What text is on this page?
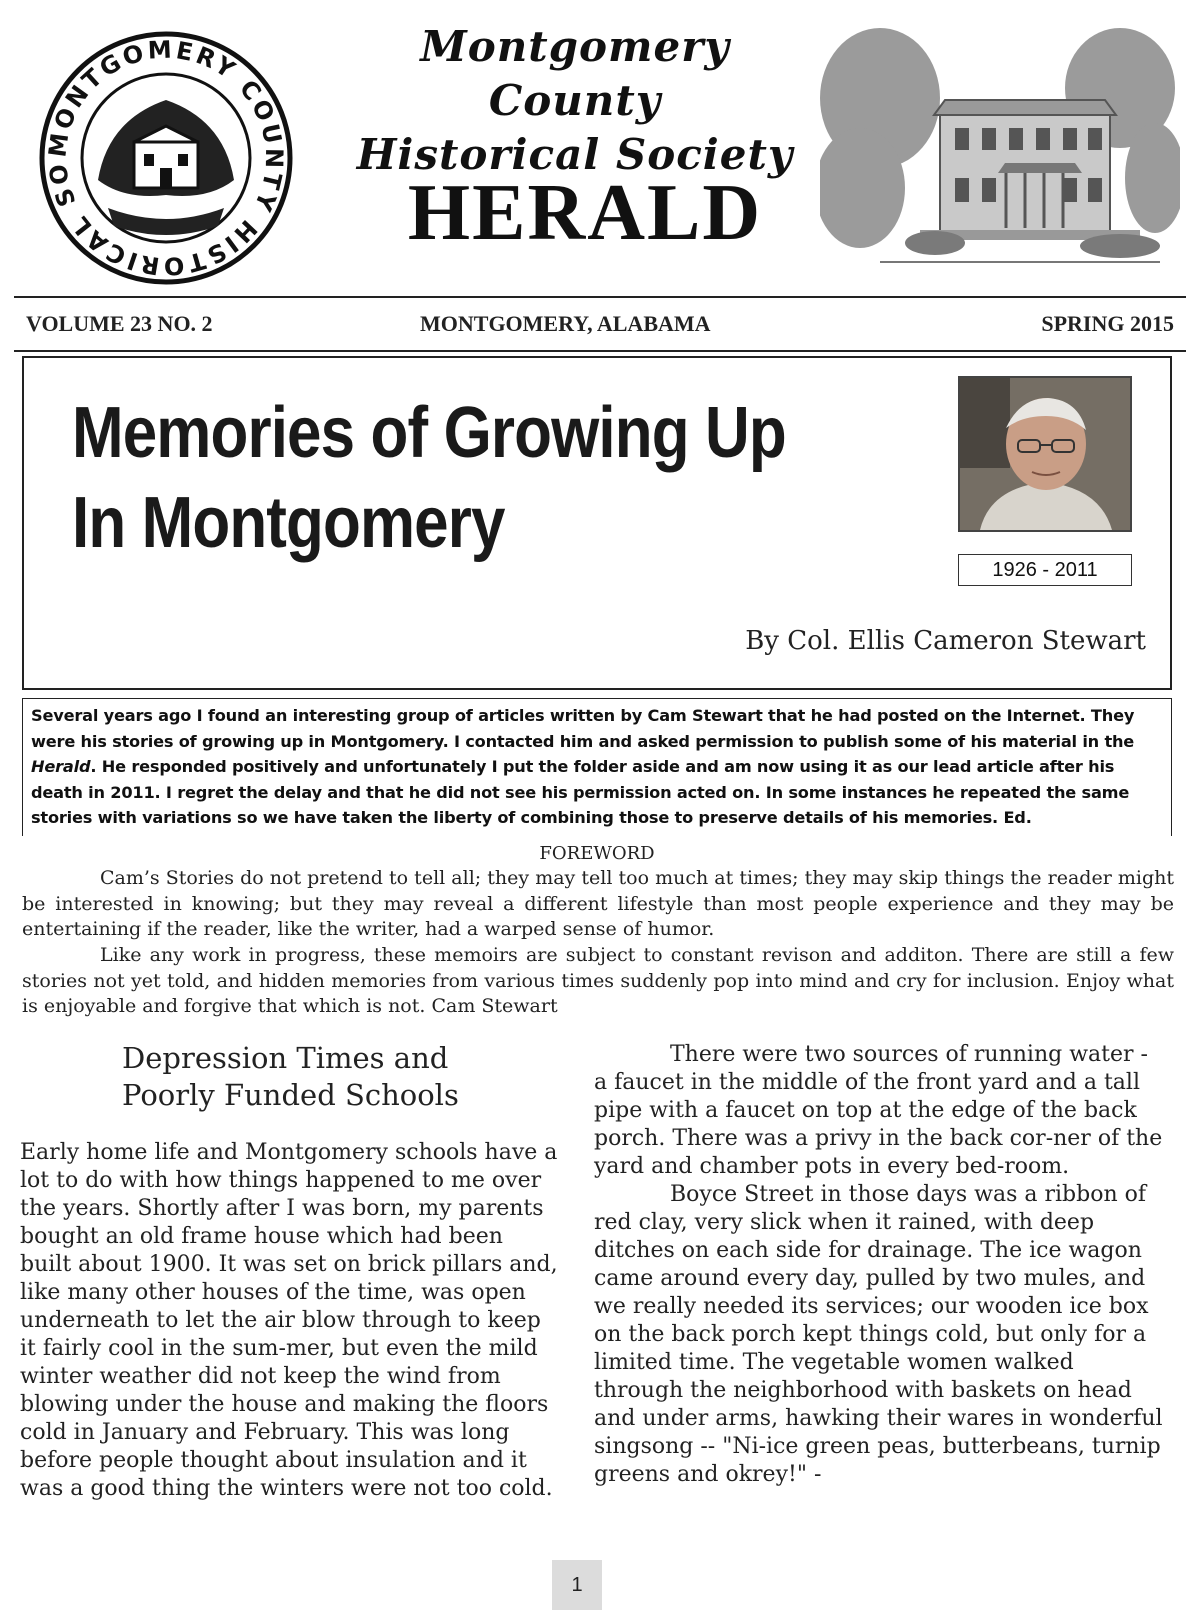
MONTGOMERY COUNTY HISTORICAL SO
Montgomery County
Historical Society
HERALD
VOLUME 23 NO. 2	MONTGOMERY, ALABAMA	SPRING 2015
Memories of Growing Up
In Montgomery
1926 - 2011
By Col. Ellis Cameron Stewart
Several years ago I found an interesting group of articles written by Cam Stewart that he had posted on the Internet. They were his stories of growing up in Montgomery. I contacted him and asked permission to publish some of his material in the Herald. He responded positively and unfortunately I put the folder aside and am now using it as our lead article after his death in 2011. I regret the delay and that he did not see his permission acted on. In some instances he repeated the same stories with variations so we have taken the liberty of combining those to preserve details of his memories. Ed.
FOREWORD

Cam’s Stories do not pretend to tell all; they may tell too much at times; they may skip things the reader might be interested in knowing; but they may reveal a different lifestyle than most people experience and they may be entertaining if the reader, like the writer, had a warped sense of humor.

Like any work in progress, these memoirs are subject to constant revison and additon. There are still a few stories not yet told, and hidden memories from various times suddenly pop into mind and cry for inclusion. Enjoy what is enjoyable and forgive that which is not. Cam Stewart

Depression Times and
Poorly Funded Schools

Early home life and Montgomery schools have a lot to do with how things happened to me over the years. Shortly after I was born, my parents bought an old frame house which had been built about 1900. It was set on brick pillars and, like many other houses of the time, was open underneath to let the air blow through to keep it fairly cool in the sum-mer, but even the mild winter weather did not keep the wind from blowing under the house and making the floors cold in January and February. This was long before people thought about insulation and it was a good thing the winters were not too cold.

There were two sources of running water - a faucet in the middle of the front yard and a tall pipe with a faucet on top at the edge of the back porch. There was a privy in the back cor-ner of the yard and chamber pots in every bed-room.

Boyce Street in those days was a ribbon of red clay, very slick when it rained, with deep ditches on each side for drainage. The ice wagon came around every day, pulled by two mules, and we really needed its services; our wooden ice box on the back porch kept things cold, but only for a limited time. The vegetable women walked through the neighborhood with baskets on head and under arms, hawking their wares in wonderful singsong -- "Ni-ice green peas, butterbeans, turnip greens and okrey!" -

1
